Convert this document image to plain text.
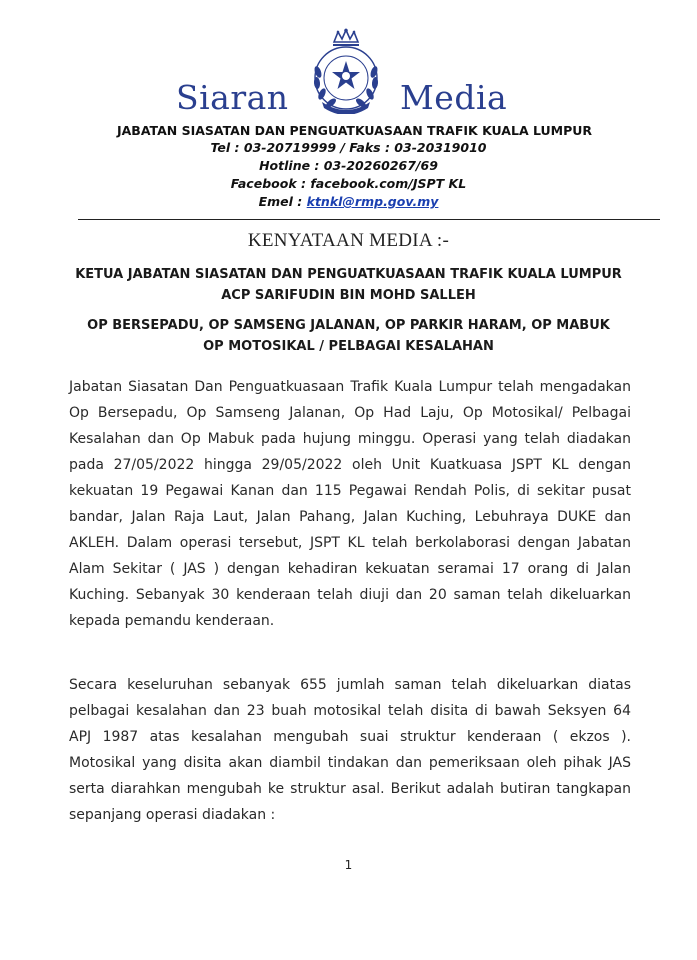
Siaran	Media
JABATAN SIASATAN DAN PENGUATKUASAAN TRAFIK KUALA LUMPUR
Tel : 03-20719999 / Faks : 03-20319010
Hotline : 03-20260267/69
Facebook : facebook.com/JSPT KL
Emel : ktnkl@rmp.gov.my
KENYATAAN MEDIA :-
KETUA JABATAN SIASATAN DAN PENGUATKUASAAN TRAFIK KUALA LUMPUR
ACP SARIFUDIN BIN MOHD SALLEH
OP BERSEPADU, OP SAMSENG JALANAN, OP PARKIR HARAM, OP MABUK
OP MOTOSIKAL / PELBAGAI KESALAHAN

Jabatan Siasatan Dan Penguatkuasaan Trafik Kuala Lumpur telah mengadakan Op Bersepadu, Op Samseng Jalanan, Op Had Laju, Op Motosikal/ Pelbagai Kesalahan dan Op Mabuk pada hujung minggu. Operasi yang telah diadakan pada 27/05/2022 hingga 29/05/2022 oleh Unit Kuatkuasa JSPT KL dengan kekuatan 19 Pegawai Kanan dan 115 Pegawai Rendah Polis, di sekitar pusat bandar, Jalan Raja Laut, Jalan Pahang, Jalan Kuching, Lebuhraya DUKE dan AKLEH. Dalam operasi tersebut, JSPT KL telah berkolaborasi dengan Jabatan Alam Sekitar ( JAS ) dengan kehadiran kekuatan seramai 17 orang di Jalan Kuching. Sebanyak 30 kenderaan telah diuji dan 20 saman telah dikeluarkan kepada pemandu kenderaan.

Secara keseluruhan sebanyak 655 jumlah saman telah dikeluarkan diatas pelbagai kesalahan dan 23 buah motosikal telah disita di bawah Seksyen 64 APJ 1987 atas kesalahan mengubah suai struktur kenderaan ( ekzos ). Motosikal yang disita akan diambil tindakan dan pemeriksaan oleh pihak JAS serta diarahkan mengubah ke struktur asal. Berikut adalah butiran tangkapan sepanjang operasi diadakan :

1
